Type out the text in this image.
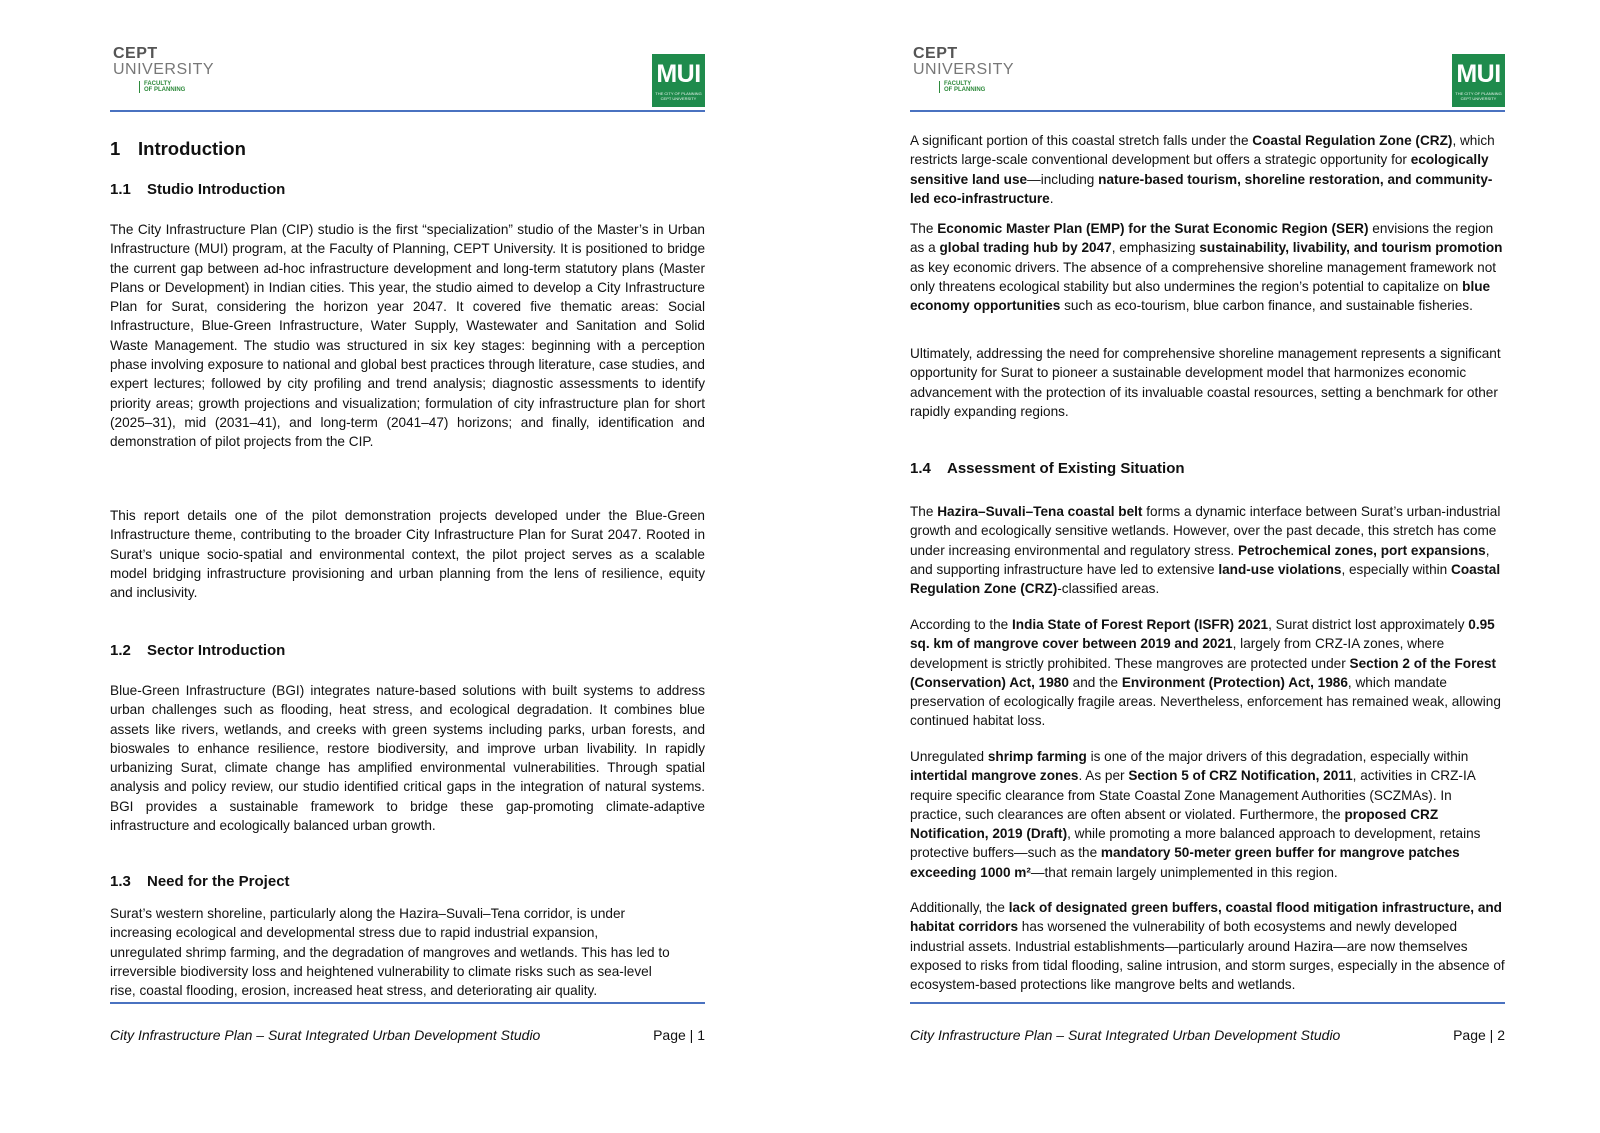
CEPT
UNIVERSITY
FACULTY
OF PLANNING
MUI
THE CITY OF PLANNING
CEPT UNIVERSITY
1 Introduction
1.1 Studio Introduction

The City Infrastructure Plan (CIP) studio is the first “specialization” studio of the Master’s in Urban Infrastructure (MUI) program, at the Faculty of Planning, CEPT University. It is positioned to bridge the current gap between ad-hoc infrastructure development and long-term statutory plans (Master Plans or Development) in Indian cities. This year, the studio aimed to develop a City Infrastructure Plan for Surat, considering the horizon year 2047. It covered five thematic areas: Social Infrastructure, Blue-Green Infrastructure, Water Supply, Wastewater and Sanitation and Solid Waste Management. The studio was structured in six key stages: beginning with a perception phase involving exposure to national and global best practices through literature, case studies, and expert lectures; followed by city profiling and trend analysis; diagnostic assessments to identify priority areas; growth projections and visualization; formulation of city infrastructure plan for short (2025–31), mid (2031–41), and long-term (2041–47) horizons; and finally, identification and demonstration of pilot projects from the CIP.

This report details one of the pilot demonstration projects developed under the Blue-Green Infrastructure theme, contributing to the broader City Infrastructure Plan for Surat 2047. Rooted in Surat’s unique socio-spatial and environmental context, the pilot project serves as a scalable model bridging infrastructure provisioning and urban planning from the lens of resilience, equity and inclusivity.

1.2 Sector Introduction

Blue-Green Infrastructure (BGI) integrates nature-based solutions with built systems to address urban challenges such as flooding, heat stress, and ecological degradation. It combines blue assets like rivers, wetlands, and creeks with green systems including parks, urban forests, and bioswales to enhance resilience, restore biodiversity, and improve urban livability. In rapidly urbanizing Surat, climate change has amplified environmental vulnerabilities. Through spatial analysis and policy review, our studio identified critical gaps in the integration of natural systems. BGI provides a sustainable framework to bridge these gap-promoting climate-adaptive infrastructure and ecologically balanced urban growth.

1.3 Need for the Project

Surat’s western shoreline, particularly along the Hazira–Suvali–Tena corridor, is under increasing ecological and developmental stress due to rapid industrial expansion, unregulated shrimp farming, and the degradation of mangroves and wetlands. This has led to irreversible biodiversity loss and heightened vulnerability to climate risks such as sea-level rise, coastal flooding, erosion, increased heat stress, and deteriorating air quality.

City Infrastructure Plan – Surat Integrated Urban Development Studio	Page | 1
CEPT
UNIVERSITY
FACULTY
OF PLANNING
MUI
THE CITY OF PLANNING
CEPT UNIVERSITY

A significant portion of this coastal stretch falls under the Coastal Regulation Zone (CRZ), which restricts large-scale conventional development but offers a strategic opportunity for ecologically sensitive land use—including nature-based tourism, shoreline restoration, and community-led eco-infrastructure.

The Economic Master Plan (EMP) for the Surat Economic Region (SER) envisions the region as a global trading hub by 2047, emphasizing sustainability, livability, and tourism promotion as key economic drivers. The absence of a comprehensive shoreline management framework not only threatens ecological stability but also undermines the region’s potential to capitalize on blue economy opportunities such as eco-tourism, blue carbon finance, and sustainable fisheries.

Ultimately, addressing the need for comprehensive shoreline management represents a significant opportunity for Surat to pioneer a sustainable development model that harmonizes economic advancement with the protection of its invaluable coastal resources, setting a benchmark for other rapidly expanding regions.

1.4 Assessment of Existing Situation

The Hazira–Suvali–Tena coastal belt forms a dynamic interface between Surat’s urban-industrial growth and ecologically sensitive wetlands. However, over the past decade, this stretch has come under increasing environmental and regulatory stress. Petrochemical zones, port expansions, and supporting infrastructure have led to extensive land-use violations, especially within Coastal Regulation Zone (CRZ)-classified areas.

According to the India State of Forest Report (ISFR) 2021, Surat district lost approximately 0.95 sq. km of mangrove cover between 2019 and 2021, largely from CRZ-IA zones, where development is strictly prohibited. These mangroves are protected under Section 2 of the Forest (Conservation) Act, 1980 and the Environment (Protection) Act, 1986, which mandate preservation of ecologically fragile areas. Nevertheless, enforcement has remained weak, allowing continued habitat loss.

Unregulated shrimp farming is one of the major drivers of this degradation, especially within intertidal mangrove zones. As per Section 5 of CRZ Notification, 2011, activities in CRZ-IA require specific clearance from State Coastal Zone Management Authorities (SCZMAs). In practice, such clearances are often absent or violated. Furthermore, the proposed CRZ Notification, 2019 (Draft), while promoting a more balanced approach to development, retains protective buffers—such as the mandatory 50-meter green buffer for mangrove patches exceeding 1000 m²—that remain largely unimplemented in this region.

Additionally, the lack of designated green buffers, coastal flood mitigation infrastructure, and habitat corridors has worsened the vulnerability of both ecosystems and newly developed industrial assets. Industrial establishments—particularly around Hazira—are now themselves exposed to risks from tidal flooding, saline intrusion, and storm surges, especially in the absence of ecosystem-based protections like mangrove belts and wetlands.

City Infrastructure Plan – Surat Integrated Urban Development Studio	Page | 2
